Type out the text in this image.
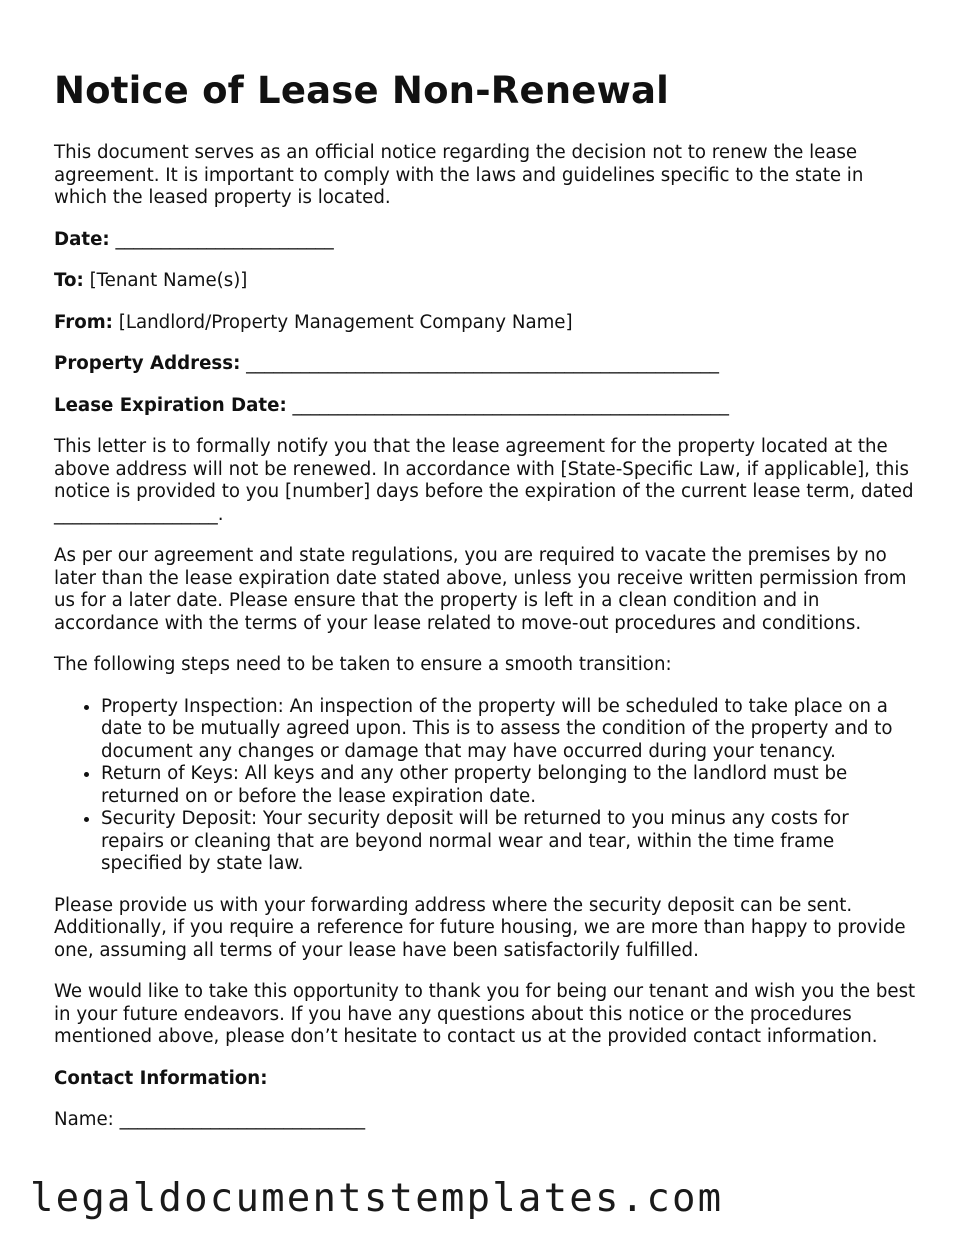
Notice of Lease Non-Renewal

This document serves as an official notice regarding the decision not to renew the lease agreement. It is important to comply with the laws and guidelines specific to the state in which the leased property is located.

Date: ________________________

To: [Tenant Name(s)]

From: [Landlord/Property Management Company Name]

Property Address: ____________________________________________________

Lease Expiration Date: ________________________________________________

This letter is to formally notify you that the lease agreement for the property located at the above address will not be renewed. In accordance with [State-Specific Law, if applicable], this notice is provided to you [number] days before the expiration of the current lease term, dated __________________.

As per our agreement and state regulations, you are required to vacate the premises by no later than the lease expiration date stated above, unless you receive written permission from us for a later date. Please ensure that the property is left in a clean condition and in accordance with the terms of your lease related to move-out procedures and conditions.

The following steps need to be taken to ensure a smooth transition:

• Property Inspection: An inspection of the property will be scheduled to take place on a date to be mutually agreed upon. This is to assess the condition of the property and to document any changes or damage that may have occurred during your tenancy.
• Return of Keys: All keys and any other property belonging to the landlord must be returned on or before the lease expiration date.
• Security Deposit: Your security deposit will be returned to you minus any costs for repairs or cleaning that are beyond normal wear and tear, within the time frame specified by state law.

Please provide us with your forwarding address where the security deposit can be sent. Additionally, if you require a reference for future housing, we are more than happy to provide one, assuming all terms of your lease have been satisfactorily fulfilled.

We would like to take this opportunity to thank you for being our tenant and wish you the best in your future endeavors. If you have any questions about this notice or the procedures mentioned above, please don’t hesitate to contact us at the provided contact information.

Contact Information:

Name: ___________________________

legaldocumentstemplates.com
